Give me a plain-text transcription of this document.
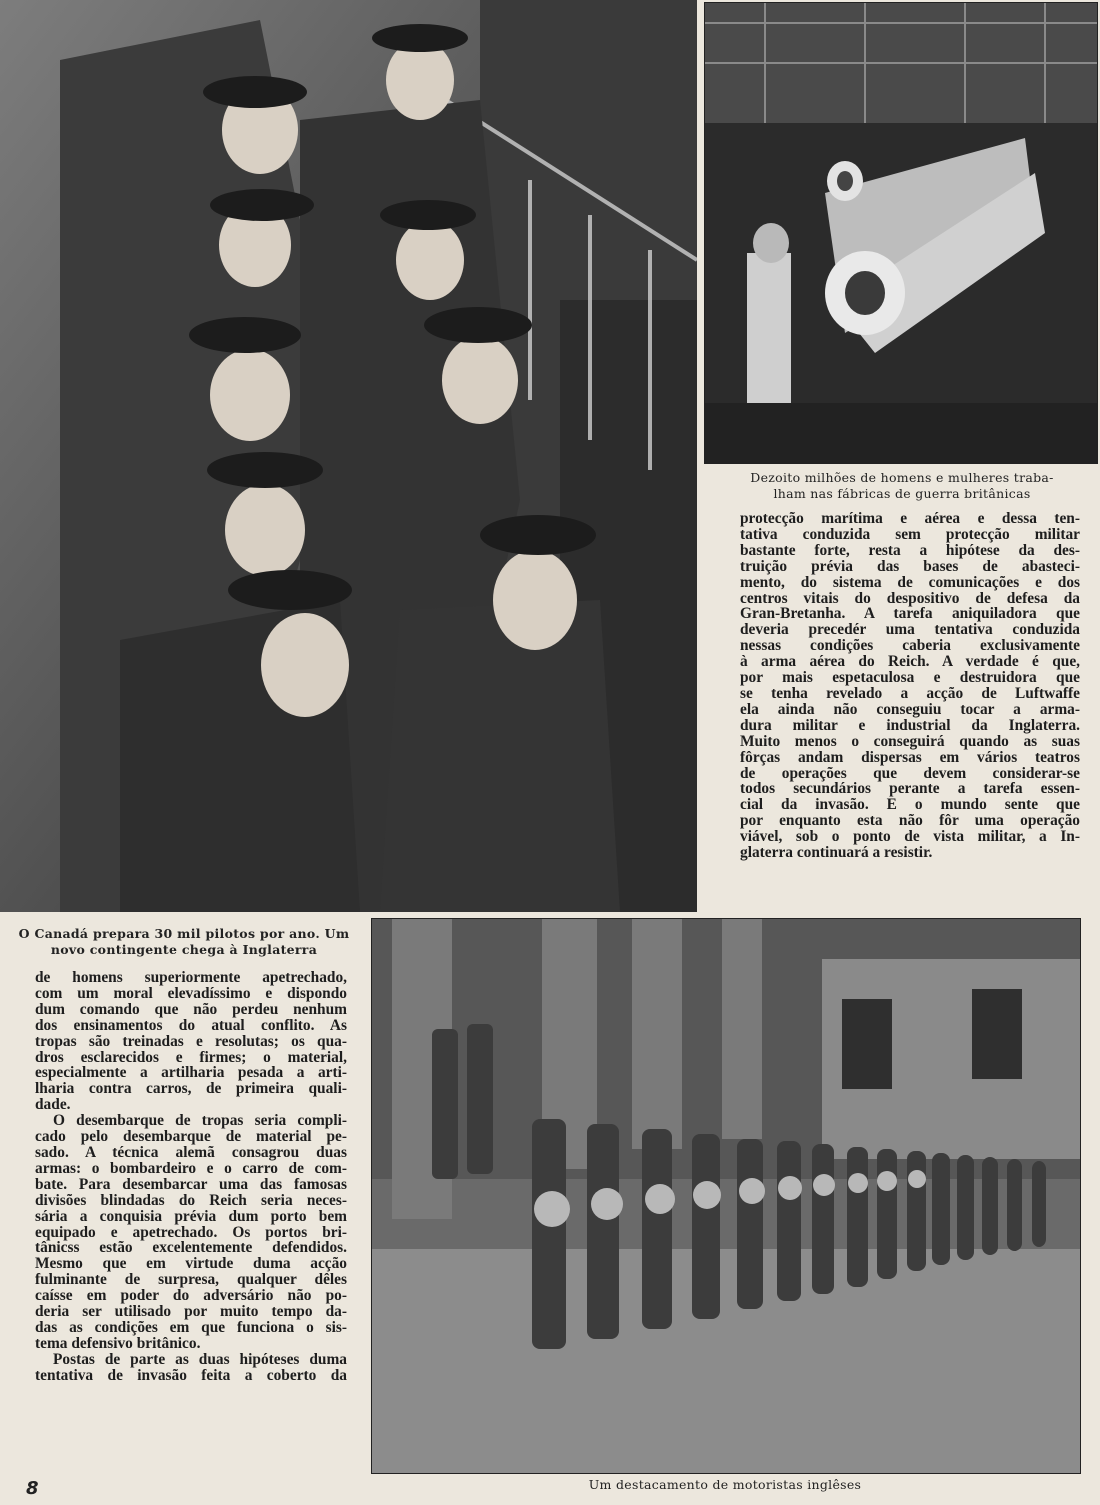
Dezoito milhões de homens e mulheres traba-
lham nas fábricas de guerra britânicas

protecção marítima e aérea e dessa ten-
tativa conduzida sem protecção militar
bastante forte, resta a hipótese da des-
truição prévia das bases de abasteci-
mento, do sistema de comunicações e dos
centros vitais do despositivo de defesa da
Gran-Bretanha. A tarefa aniquiladora que
deveria precedér uma tentativa conduzida
nessas condições caberia exclusivamente
à arma aérea do Reich. A verdade é que,
por mais espetaculosa e destruidora que
se tenha revelado a acção de Luftwaffe
ela ainda não conseguiu tocar a arma-
dura militar e industrial da Inglaterra.
Muito menos o conseguirá quando as suas
fôrças andam dispersas em vários teatros
de operações que devem considerar-se
todos secundários perante a tarefa essen-
cial da invasão. E o mundo sente que
por enquanto esta não fôr uma operação
viável, sob o ponto de vista militar, a In-
glaterra continuará a resistir.

O Canadá prepara 30 mil pilotos por ano. Um
novo contingente chega à Inglaterra

de homens superiormente apetrechado,
com um moral elevadíssimo e dispondo
dum comando que não perdeu nenhum
dos ensinamentos do atual conflito. As
tropas são treinadas e resolutas; os qua-
dros esclarecidos e firmes; o material,
especialmente a artilharia pesada a arti-
lharia contra carros, de primeira quali-
dade.

O desembarque de tropas seria compli-
cado pelo desembarque de material pe-
sado. A técnica alemã consagrou duas
armas: o bombardeiro e o carro de com-
bate. Para desembarcar uma das famosas
divisões blindadas do Reich seria neces-
sária a conquisia prévia dum porto bem
equipado e apetrechado. Os portos bri-
tânicss estão excelentemente defendidos.
Mesmo que em virtude duma acção
fulminante de surpresa, qualquer dêles
caísse em poder do adversário não po-
deria ser utilisado por muito tempo da-
das as condições em que funciona o sis-
tema defensivo britânico.

Postas de parte as duas hipóteses duma
tentativa de invasão feita a coberto da

Um destacamento de motoristas inglêses
8
